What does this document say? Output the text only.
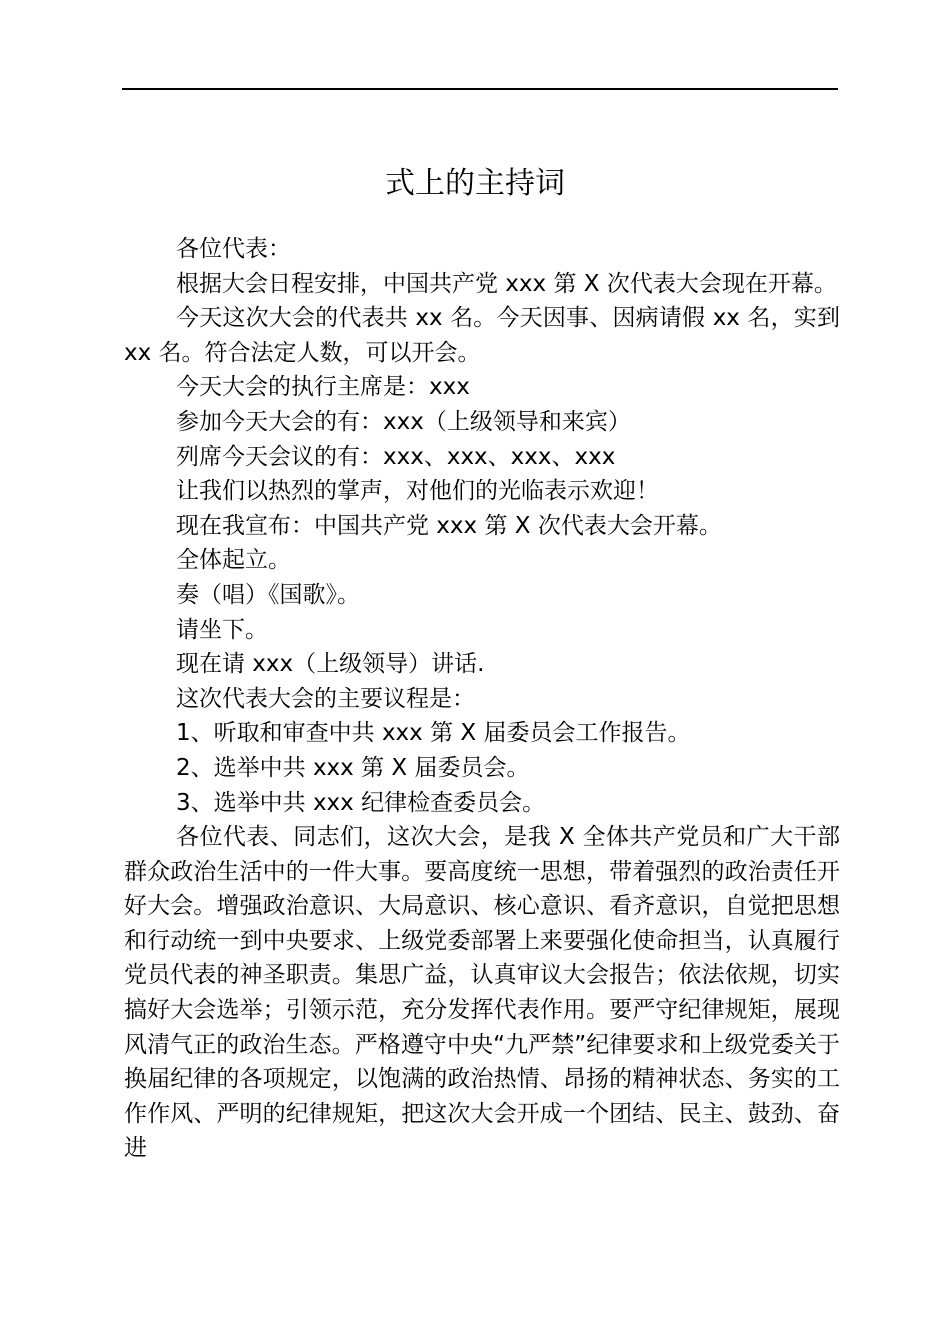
式上的主持词

各位代表：

根据大会日程安排，中国共产党 xxx 第 X 次代表大会现在开幕。

今天这次大会的代表共 xx 名。今天因事、因病请假 xx 名，实到 xx 名。符合法定人数，可以开会。

今天大会的执行主席是：xxx

参加今天大会的有：xxx（上级领导和来宾）

列席今天会议的有：xxx、xxx、xxx、xxx

让我们以热烈的掌声，对他们的光临表示欢迎！

现在我宣布：中国共产党 xxx 第 X 次代表大会开幕。

全体起立。

奏（唱）《国歌》。

请坐下。

现在请 xxx（上级领导）讲话.

这次代表大会的主要议程是：

1、听取和审查中共 xxx 第 X 届委员会工作报告。

2、选举中共 xxx 第 X 届委员会。

3、选举中共 xxx 纪律检查委员会。

各位代表、同志们，这次大会，是我 X 全体共产党员和广大干部群众政治生活中的一件大事。要高度统一思想，带着强烈的政治责任开好大会。增强政治意识、大局意识、核心意识、看齐意识，自觉把思想和行动统一到中央要求、上级党委部署上来要强化使命担当，认真履行党员代表的神圣职责。集思广益，认真审议大会报告；依法依规，切实搞好大会选举；引领示范，充分发挥代表作用。要严守纪律规矩，展现风清气正的政治生态。严格遵守中央“九严禁”纪律要求和上级党委关于换届纪律的各项规定，以饱满的政治热情、昂扬的精神状态、务实的工作作风、严明的纪律规矩，把这次大会开成一个团结、民主、鼓劲、奋进
